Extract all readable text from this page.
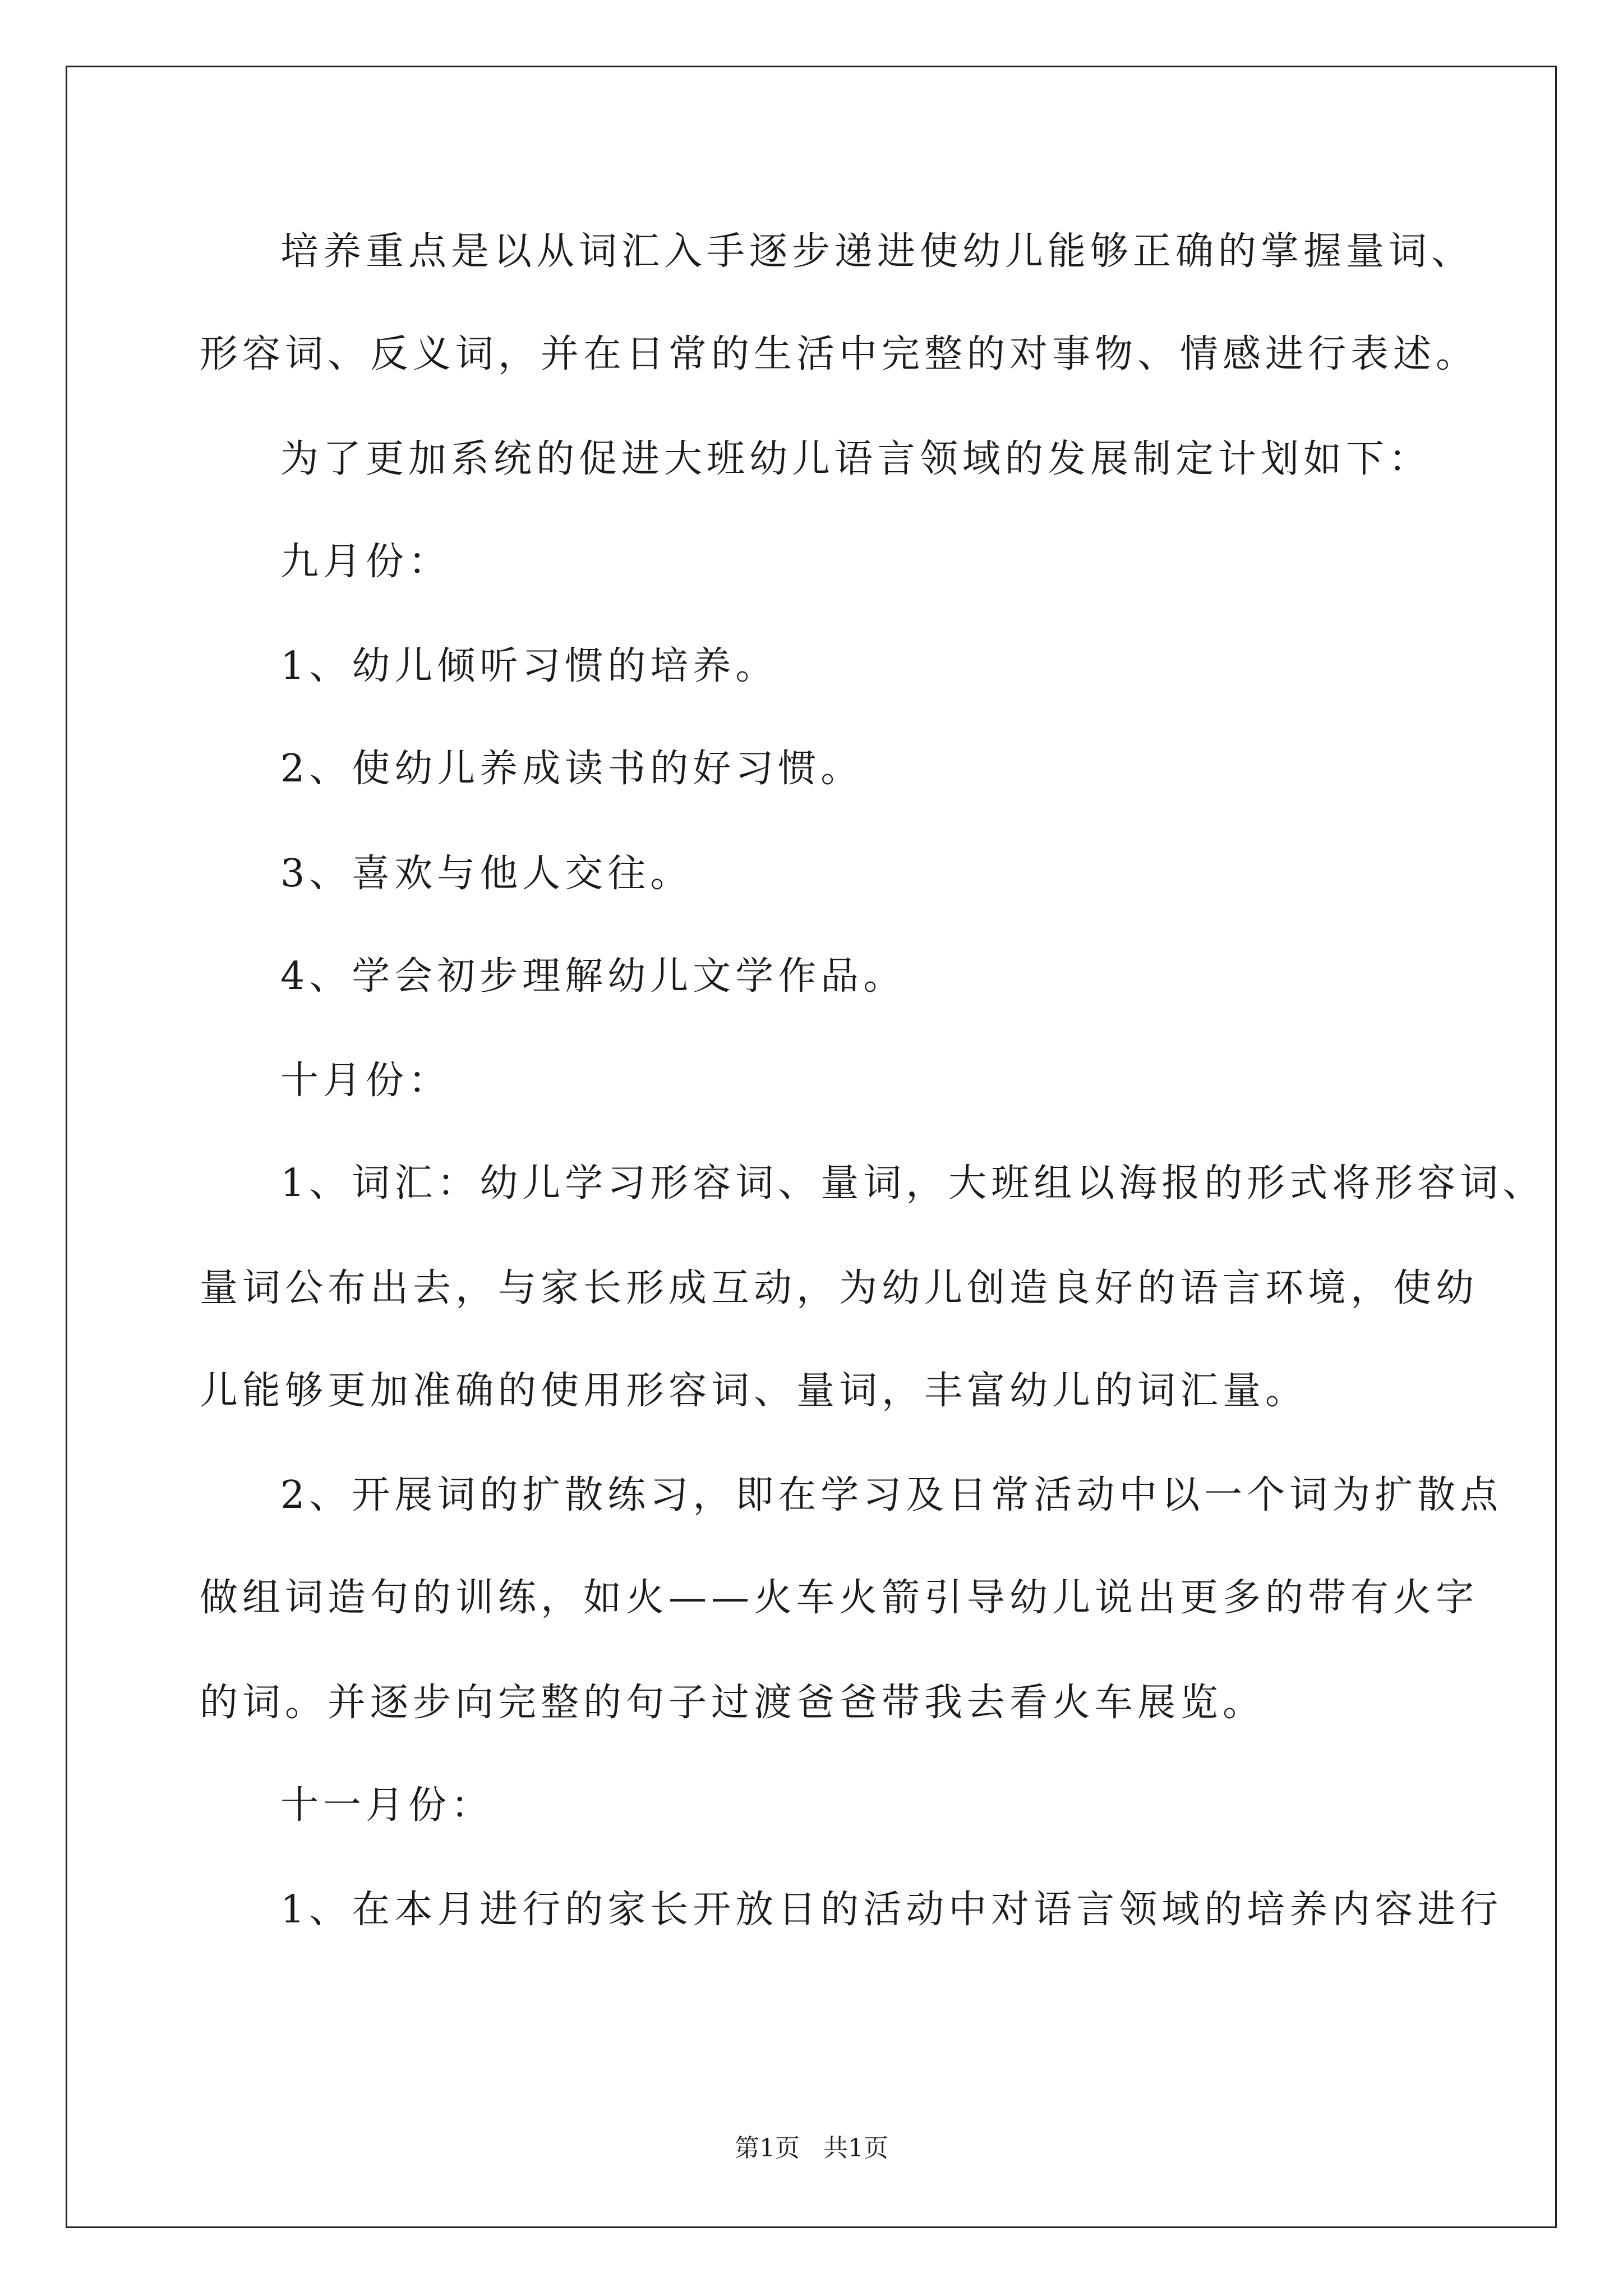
培养重点是以从词汇入手逐步递进使幼儿能够正确的掌握量词、
形容词、反义词，并在日常的生活中完整的对事物、情感进行表述。
为了更加系统的促进大班幼儿语言领域的发展制定计划如下：
九月份：
1、幼儿倾听习惯的培养。
2、使幼儿养成读书的好习惯。
3、喜欢与他人交往。
4、学会初步理解幼儿文学作品。
十月份：
1、词汇：幼儿学习形容词、量词，大班组以海报的形式将形容词、
量词公布出去，与家长形成互动，为幼儿创造良好的语言环境，使幼
儿能够更加准确的使用形容词、量词，丰富幼儿的词汇量。
2、开展词的扩散练习，即在学习及日常活动中以一个词为扩散点
做组词造句的训练，如火——火车火箭引导幼儿说出更多的带有火字
的词。并逐步向完整的句子过渡爸爸带我去看火车展览。
十一月份：
1、在本月进行的家长开放日的活动中对语言领域的培养内容进行
第1页   共1页
